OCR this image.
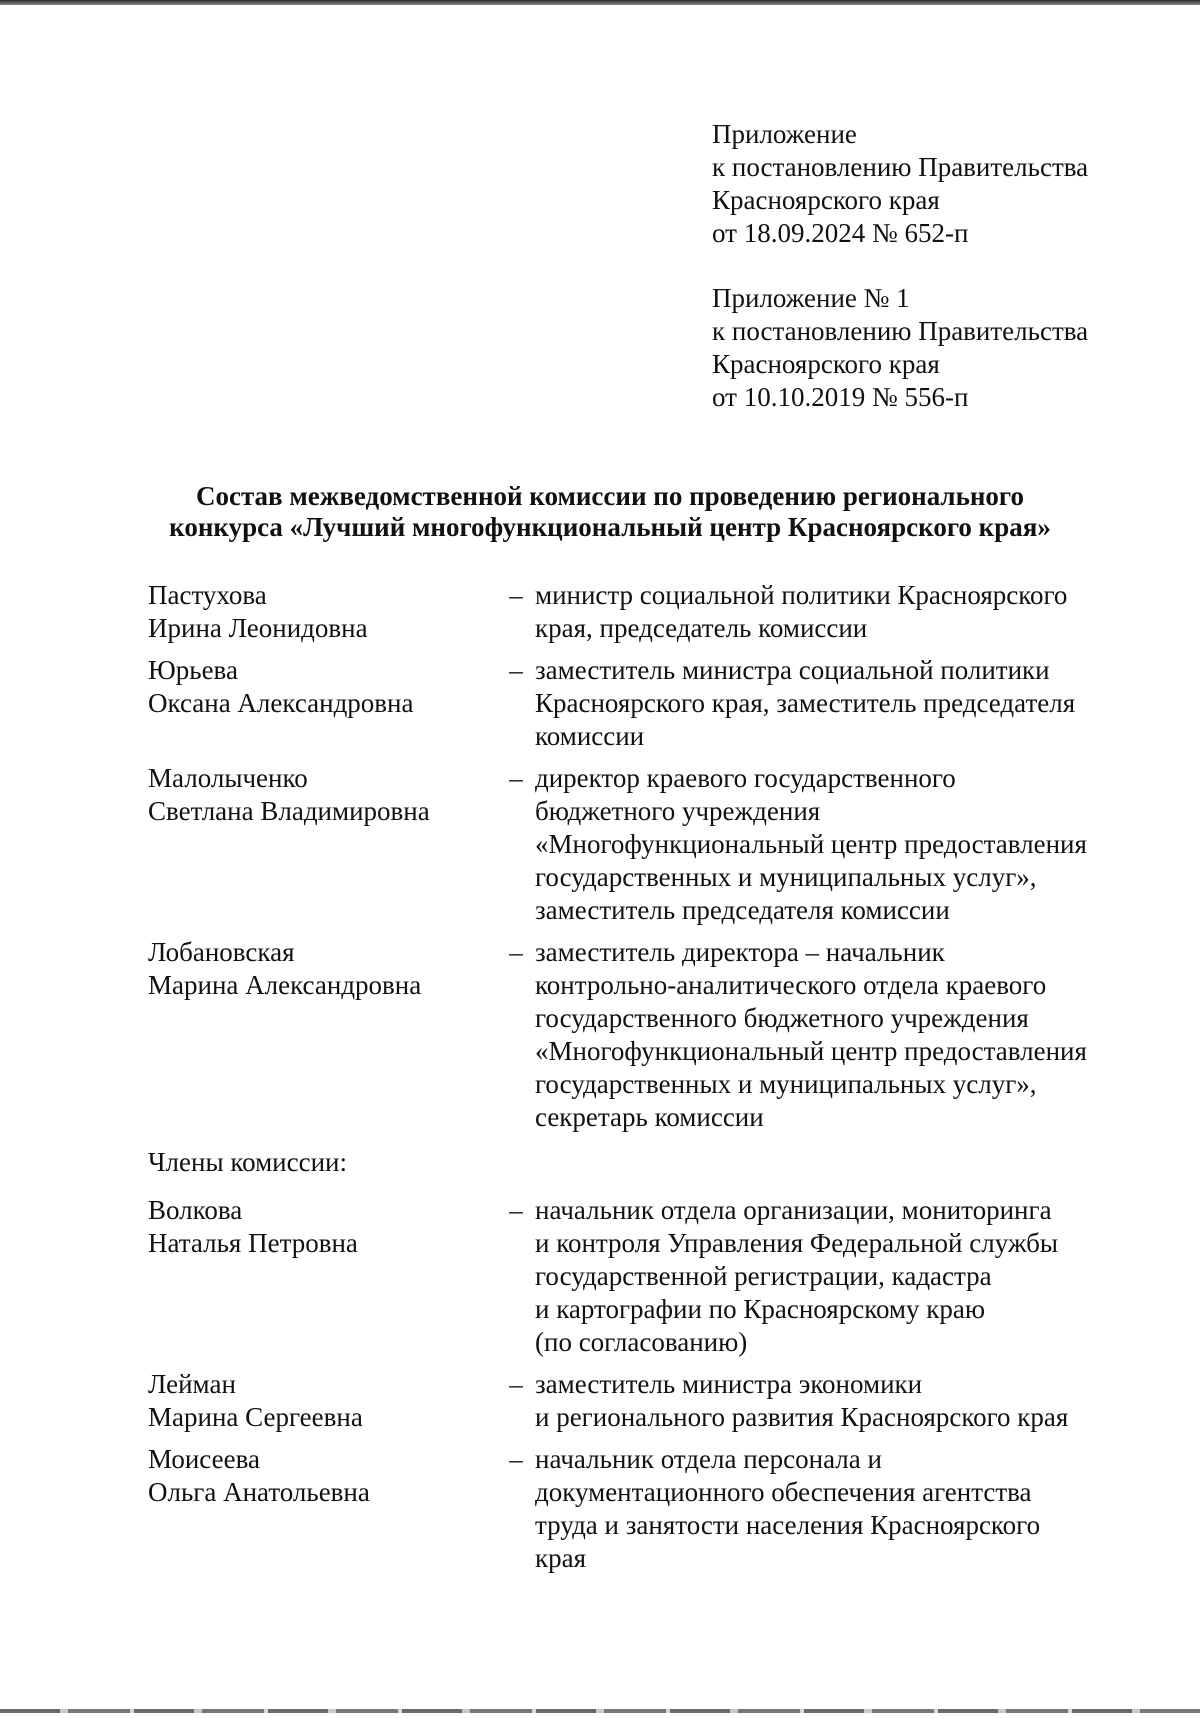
Приложение
к постановлению Правительства
Красноярского края
от 18.09.2024 № 652-п
Приложение № 1
к постановлению Правительства
Красноярского края
от 10.10.2019 № 556-п
Состав межведомственной комиссии по проведению регионального
конкурса «Лучший многофункциональный центр Красноярского края»
Пастухова
Ирина Леонидовна
– министр социальной политики Красноярского
края, председатель комиссии
Юрьева
Оксана Александровна
– заместитель министра социальной политики
Красноярского края, заместитель председателя
комиссии
Малолыченко
Светлана Владимировна
– директор краевого государственного
бюджетного учреждения
«Многофункциональный центр предоставления
государственных и муниципальных услуг»,
заместитель председателя комиссии
Лобановская
Марина Александровна
– заместитель директора – начальник
контрольно-аналитического отдела краевого
государственного бюджетного учреждения
«Многофункциональный центр предоставления
государственных и муниципальных услуг»,
секретарь комиссии
Члены комиссии:
Волкова
Наталья Петровна
– начальник отдела организации, мониторинга
и контроля Управления Федеральной службы
государственной регистрации, кадастра
и картографии по Красноярскому краю
(по согласованию)
Лейман
Марина Сергеевна
– заместитель министра экономики
и регионального развития Красноярского края
Моисеева
Ольга Анатольевна
– начальник отдела персонала и
документационного обеспечения агентства
труда и занятости населения Красноярского
края
